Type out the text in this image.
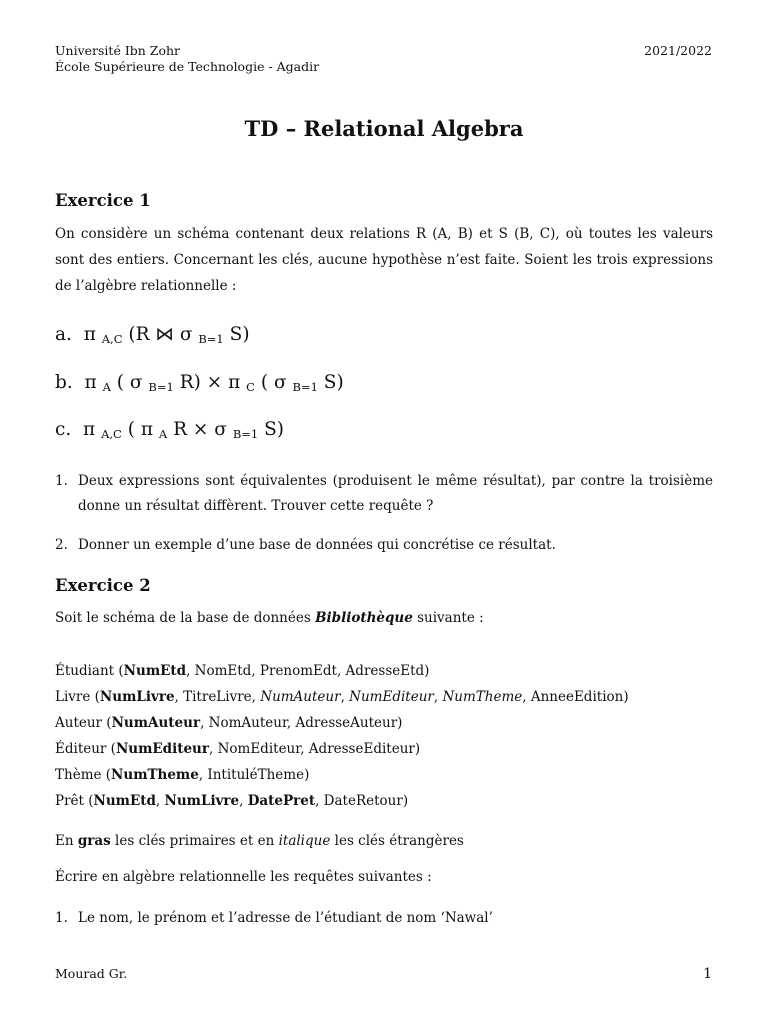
Université Ibn Zohr
École Supérieure de Technologie - Agadir
2021/2022
TD – Relational Algebra
Exercice 1
On considère un schéma contenant deux relations R (A, B) et S (B, C), où toutes les valeurs sont des entiers. Concernant les clés, aucune hypothèse n’est faite. Soient les trois expressions de l’algèbre relationnelle :
a. π $_{A,C}$ (R ⋈ σ $_{B=1}$ S)
b. π $_A$ ( σ $_{B=1}$ R) × π $_C$ ( σ $_{B=1}$ S)
c. π $_{A,C}$ ( π $_A$ R × σ $_{B=1}$ S)
1. Deux expressions sont équivalentes (produisent le même résultat), par contre la troisième donne un résultat diffèrent. Trouver cette requête ?
2. Donner un exemple d’une base de données qui concrétise ce résultat.
Exercice 2
Soit le schéma de la base de données Bibliothèque suivante :
Étudiant (NumEtd, NomEtd, PrenomEdt, AdresseEtd)
Livre (NumLivre, TitreLivre, NumAuteur, NumEditeur, NumTheme, AnneeEdition)
Auteur (NumAuteur, NomAuteur, AdresseAuteur)
Éditeur (NumEditeur, NomEditeur, AdresseEditeur)
Thème (NumTheme, IntituléTheme)
Prêt (NumEtd, NumLivre, DatePret, DateRetour)
En gras les clés primaires et en italique les clés étrangères
Écrire en algèbre relationnelle les requêtes suivantes :
1. Le nom, le prénom et l’adresse de l’étudiant de nom ‘Nawal’
Mourad Gr.	1
